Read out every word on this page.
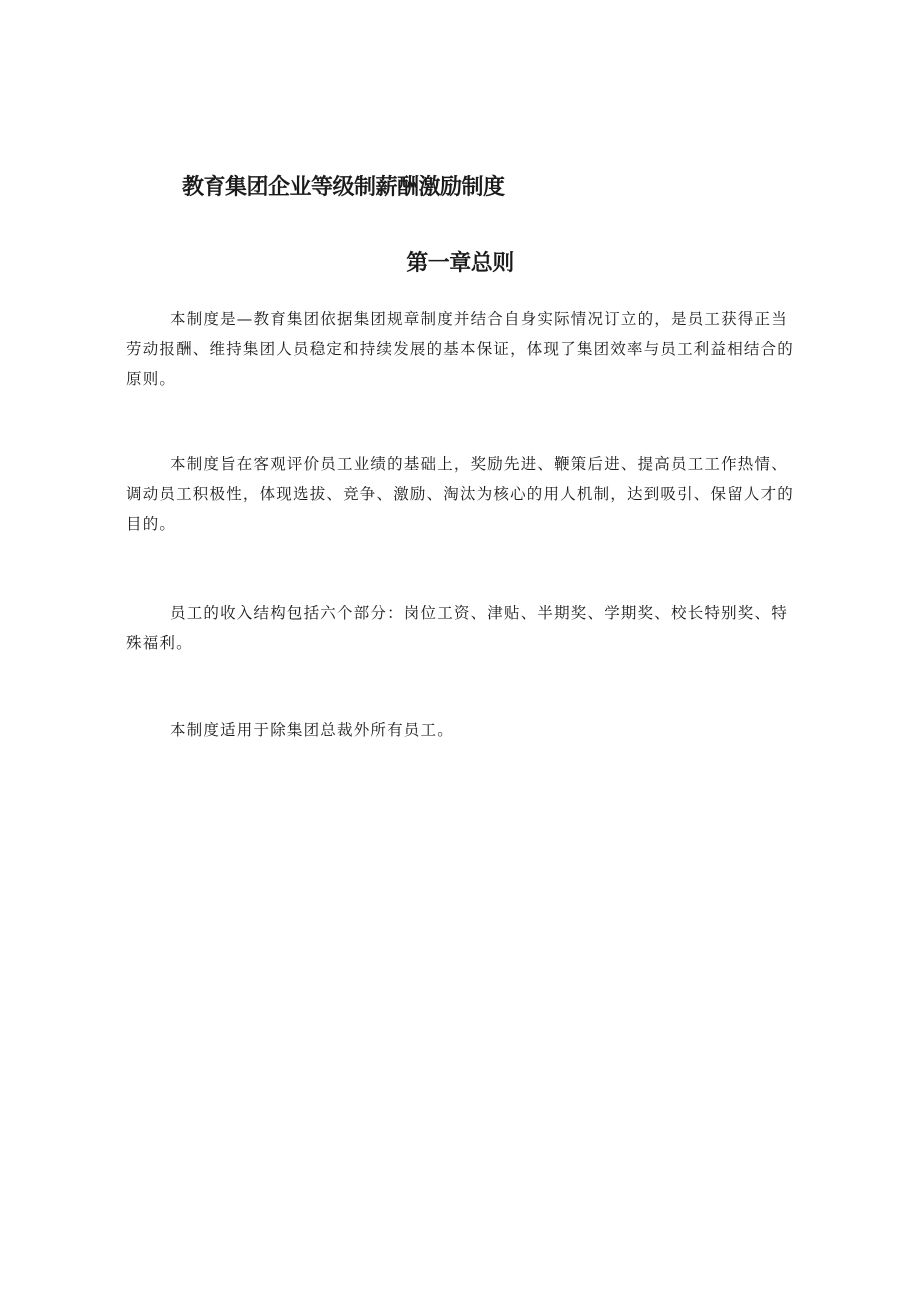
教育集团企业等级制薪酬激励制度
第一章总则

本制度是—教育集团依据集团规章制度并结合自身实际情况订立的，是员工获得正当劳动报酬、维持集团人员稳定和持续发展的基本保证，体现了集团效率与员工利益相结合的原则。

本制度旨在客观评价员工业绩的基础上，奖励先进、鞭策后进、提高员工工作热情、调动员工积极性，体现选拔、竞争、激励、淘汰为核心的用人机制，达到吸引、保留人才的目的。

员工的收入结构包括六个部分：岗位工资、津贴、半期奖、学期奖、校长特别奖、特殊福利。

本制度适用于除集团总裁外所有员工。
